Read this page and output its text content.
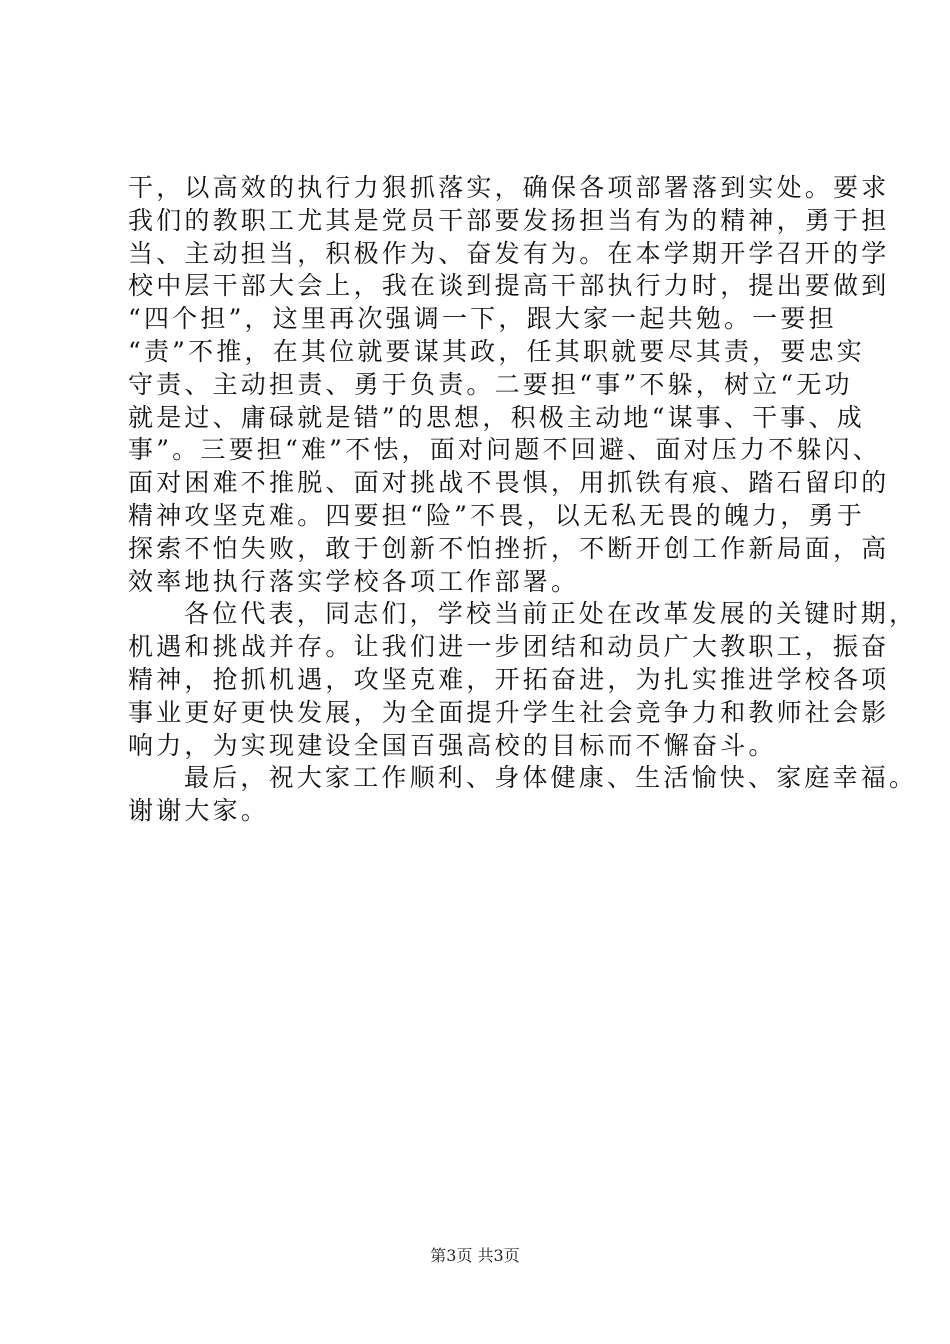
干，以高效的执行力狠抓落实，确保各项部署落到实处。要求
我们的教职工尤其是党员干部要发扬担当有为的精神，勇于担
当、主动担当，积极作为、奋发有为。在本学期开学召开的学
校中层干部大会上，我在谈到提高干部执行力时，提出要做到
“四个担”，这里再次强调一下，跟大家一起共勉。一要担
“责”不推，在其位就要谋其政，任其职就要尽其责，要忠实
守责、主动担责、勇于负责。二要担“事”不躲，树立“无功
就是过、庸碌就是错”的思想，积极主动地“谋事、干事、成
事”。三要担“难”不怯，面对问题不回避、面对压力不躲闪、
面对困难不推脱、面对挑战不畏惧，用抓铁有痕、踏石留印的
精神攻坚克难。四要担“险”不畏，以无私无畏的魄力，勇于
探索不怕失败，敢于创新不怕挫折，不断开创工作新局面，高
效率地执行落实学校各项工作部署。
各位代表，同志们，学校当前正处在改革发展的关键时期，
机遇和挑战并存。让我们进一步团结和动员广大教职工，振奋
精神，抢抓机遇，攻坚克难，开拓奋进，为扎实推进学校各项
事业更好更快发展，为全面提升学生社会竞争力和教师社会影
响力，为实现建设全国百强高校的目标而不懈奋斗。
最后，祝大家工作顺利、身体健康、生活愉快、家庭幸福。
谢谢大家。
第3页 共3页
